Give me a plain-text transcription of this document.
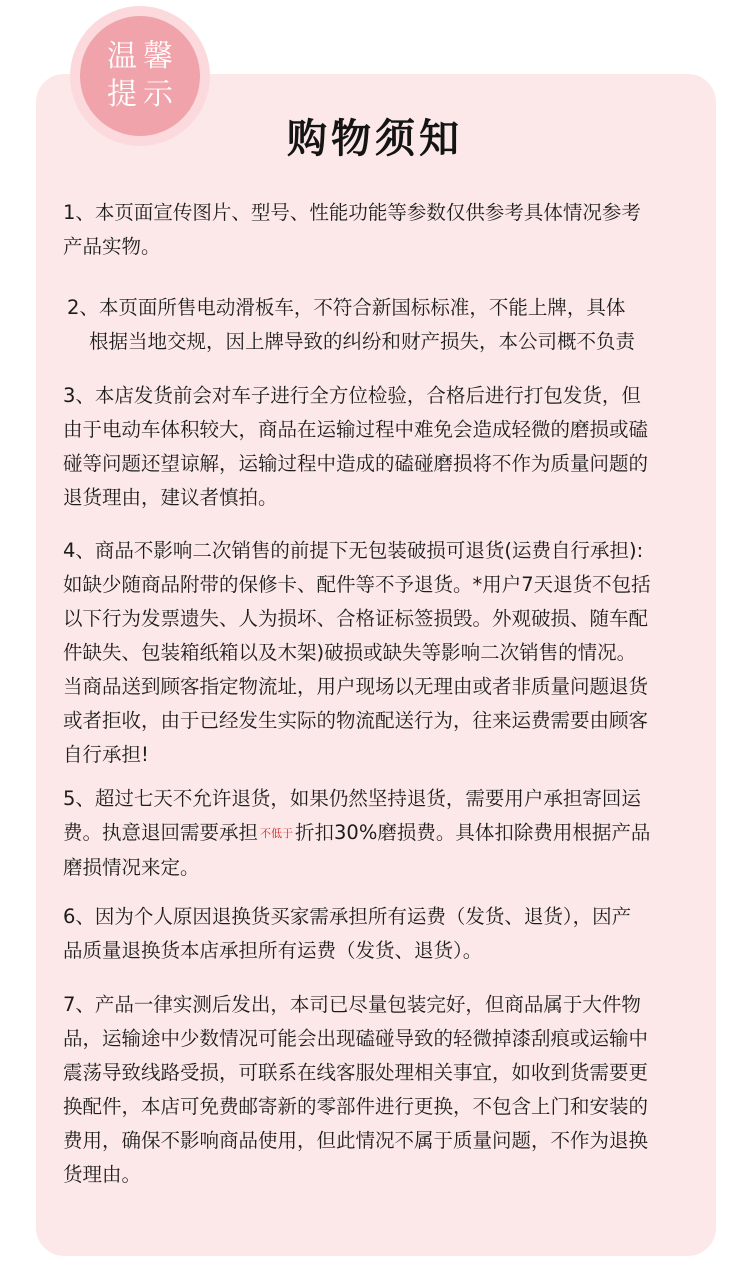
温馨
提示
购物须知

1、本页面宣传图片、型号、性能功能等参数仅供参考具体情况参考
产品实物。

2、本页面所售电动滑板车，不符合新国标标准，不能上牌，具体
根据当地交规，因上牌导致的纠纷和财产损失，本公司概不负责

3、本店发货前会对车子进行全方位检验，合格后进行打包发货，但
由于电动车体积较大，商品在运输过程中难免会造成轻微的磨损或磕
碰等问题还望谅解，运输过程中造成的磕碰磨损将不作为质量问题的
退货理由，建议者慎拍。

4、商品不影响二次销售的前提下无包装破损可退货(运费自行承担):
如缺少随商品附带的保修卡、配件等不予退货。*用户7天退货不包括
以下行为发票遗失、人为损坏、合格证标签损毁。外观破损、随车配
件缺失、包装箱纸箱以及木架)破损或缺失等影响二次销售的情况。
当商品送到顾客指定物流址，用户现场以无理由或者非质量问题退货
或者拒收，由于已经发生实际的物流配送行为，往来运费需要由顾客
自行承担!

5、超过七天不允许退货，如果仍然坚持退货，需要用户承担寄回运
费。执意退回需要承担 不低于 折扣30%磨损费。具体扣除费用根据产品
磨损情况来定。

6、因为个人原因退换货买家需承担所有运费（发货、退货），因产
品质量退换货本店承担所有运费（发货、退货）。

7、产品一律实测后发出，本司已尽量包装完好，但商品属于大件物
品，运输途中少数情况可能会出现磕碰导致的轻微掉漆刮痕或运输中
震荡导致线路受损，可联系在线客服处理相关事宜，如收到货需要更
换配件，本店可免费邮寄新的零部件进行更换，不包含上门和安装的
费用，确保不影响商品使用，但此情况不属于质量问题，不作为退换
货理由。
